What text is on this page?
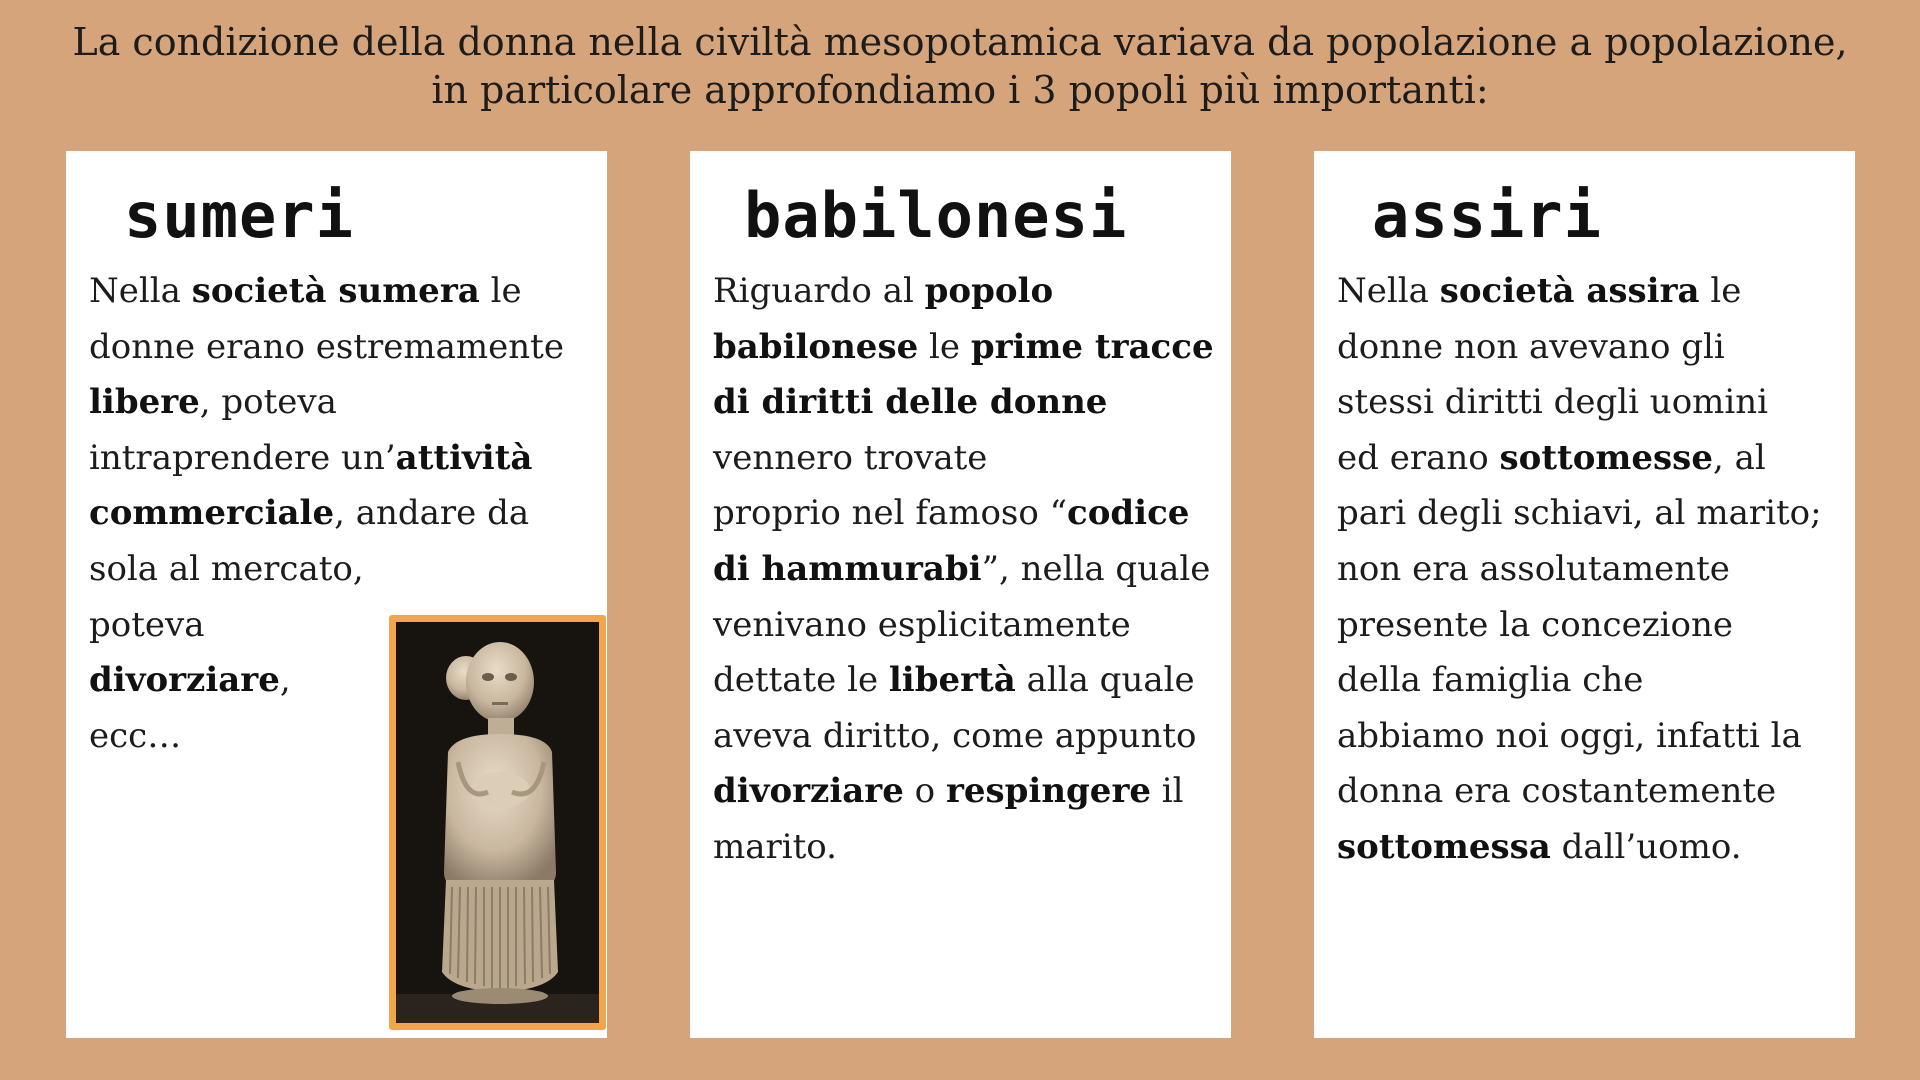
La condizione della donna nella civiltà mesopotamica variava da popolazione a popolazione,
in particolare approfondiamo i 3 popoli più importanti:
sumeri
Nella società sumera le
donne erano estremamente
libere, poteva
intraprendere un’attività
commerciale, andare da
sola al mercato,
poteva
divorziare,
ecc…
babilonesi
Riguardo al popolo
babilonese le prime tracce
di diritti delle donne
vennero trovate
proprio nel famoso “codice
di hammurabi”, nella quale
venivano esplicitamente
dettate le libertà alla quale
aveva diritto, come appunto
divorziare o respingere il
marito.
assiri
Nella società assira le
donne non avevano gli
stessi diritti degli uomini
ed erano sottomesse, al
pari degli schiavi, al marito;
non era assolutamente
presente la concezione
della famiglia che
abbiamo noi oggi, infatti la
donna era costantemente
sottomessa dall’uomo.
